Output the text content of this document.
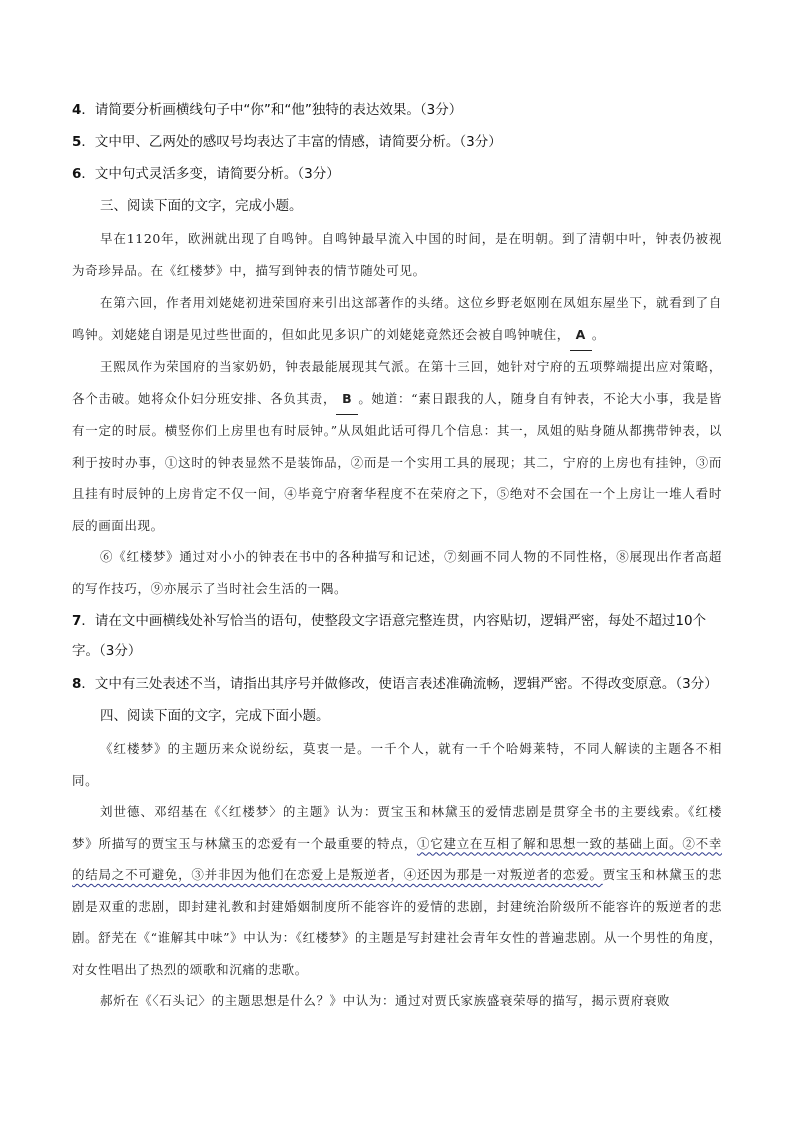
4．请简要分析画横线句子中“你”和“他”独特的表达效果。（3分）

5．文中甲、乙两处的感叹号均表达了丰富的情感，请简要分析。（3分）

6．文中句式灵活多变，请简要分析。（3分）

三、阅读下面的文字，完成小题。

早在1120年，欧洲就出现了自鸣钟。自鸣钟最早流入中国的时间，是在明朝。到了清朝中叶，钟表仍被视为奇珍异品。在《红楼梦》中，描写到钟表的情节随处可见。

在第六回，作者用刘姥姥初进荣国府来引出这部著作的头绪。这位乡野老妪刚在凤姐东屋坐下，就看到了自鸣钟。刘姥姥自诩是见过些世面的，但如此见多识广的刘姥姥竟然还会被自鸣钟唬住， A 。

王熙凤作为荣国府的当家奶奶，钟表最能展现其气派。在第十三回，她针对宁府的五项弊端提出应对策略，各个击破。她将众仆妇分班安排、各负其责， B 。她道：“素日跟我的人，随身自有钟表，不论大小事，我是皆有一定的时辰。横竖你们上房里也有时辰钟。”从凤姐此话可得几个信息：其一，凤姐的贴身随从都携带钟表，以利于按时办事，①这时的钟表显然不是装饰品，②而是一个实用工具的展现；其二，宁府的上房也有挂钟，③而且挂有时辰钟的上房肯定不仅一间，④毕竟宁府奢华程度不在荣府之下，⑤绝对不会国在一个上房让一堆人看时辰的画面出现。

⑥《红楼梦》通过对小小的钟表在书中的各种描写和记述，⑦刻画不同人物的不同性格，⑧展现出作者高超的写作技巧，⑨亦展示了当时社会生活的一隅。

7．请在文中画横线处补写恰当的语句，使整段文字语意完整连贯，内容贴切，逻辑严密，每处不超过10个字。（3分）

8．文中有三处表述不当，请指出其序号并做修改，使语言表述准确流畅，逻辑严密。不得改变原意。（3分）

四、阅读下面的文字，完成下面小题。

《红楼梦》的主题历来众说纷纭，莫衷一是。一千个人，就有一千个哈姆莱特，不同人解读的主题各不相同。

刘世德、邓绍基在《〈红楼梦〉的主题》认为：贾宝玉和林黛玉的爱情悲剧是贯穿全书的主要线索。《红楼梦》所描写的贾宝玉与林黛玉的恋爱有一个最重要的特点，①它建立在互相了解和思想一致的基础上面。②不幸的结局之不可避免，③并非因为他们在恋爱上是叛逆者，④还因为那是一对叛逆者的恋爱。贾宝玉和林黛玉的悲剧是双重的悲剧，即封建礼教和封建婚姻制度所不能容许的爱情的悲剧，封建统治阶级所不能容许的叛逆者的悲剧。舒芜在《“谁解其中味”》中认为：《红楼梦》的主题是写封建社会青年女性的普遍悲剧。从一个男性的角度，对女性唱出了热烈的颂歌和沉痛的悲歌。

郝炘在《〈石头记〉的主题思想是什么？》中认为：通过对贾氏家族盛衰荣辱的描写，揭示贾府衰败
